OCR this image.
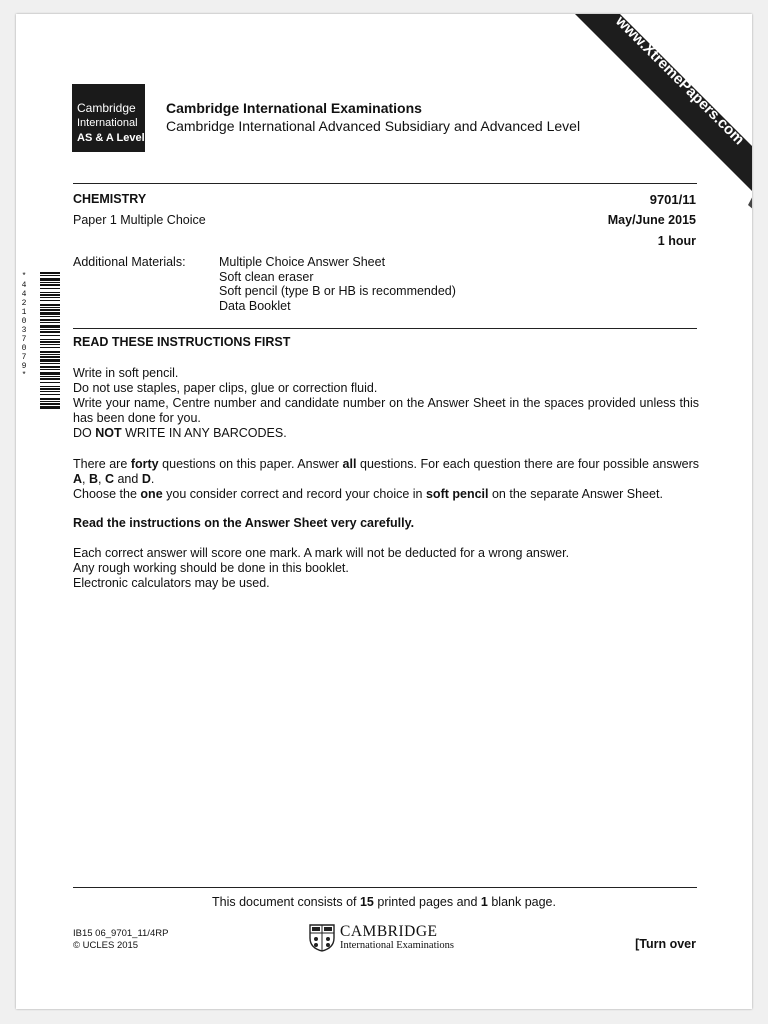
www.XtremePapers.com
Cambridge
International
AS & A Level
Cambridge International Examinations
Cambridge International Advanced Subsidiary and Advanced Level
CHEMISTRY	9701/11
Paper 1 Multiple Choice	May/June 2015
1 hour
Additional Materials:	Multiple Choice Answer Sheet
Soft clean eraser
Soft pencil (type B or HB is recommended)
Data Booklet
READ THESE INSTRUCTIONS FIRST

Write in soft pencil.

Do not use staples, paper clips, glue or correction fluid.

Write your name, Centre number and candidate number on the Answer Sheet in the spaces provided unless this has been done for you.

DO NOT WRITE IN ANY BARCODES.

There are forty questions on this paper. Answer all questions. For each question there are four possible answers A, B, C and D.

Choose the one you consider correct and record your choice in soft pencil on the separate Answer Sheet.

Read the instructions on the Answer Sheet very carefully.

Each correct answer will score one mark. A mark will not be deducted for a wrong answer.

Any rough working should be done in this booklet.

Electronic calculators may be used.

*
4
4
2
1
0
3
7
0
7
9
*
This document consists of 15 printed pages and 1 blank page.
IB15 06_9701_11/4RP
© UCLES 2015
CAMBRIDGE
International Examinations	[Turn over
